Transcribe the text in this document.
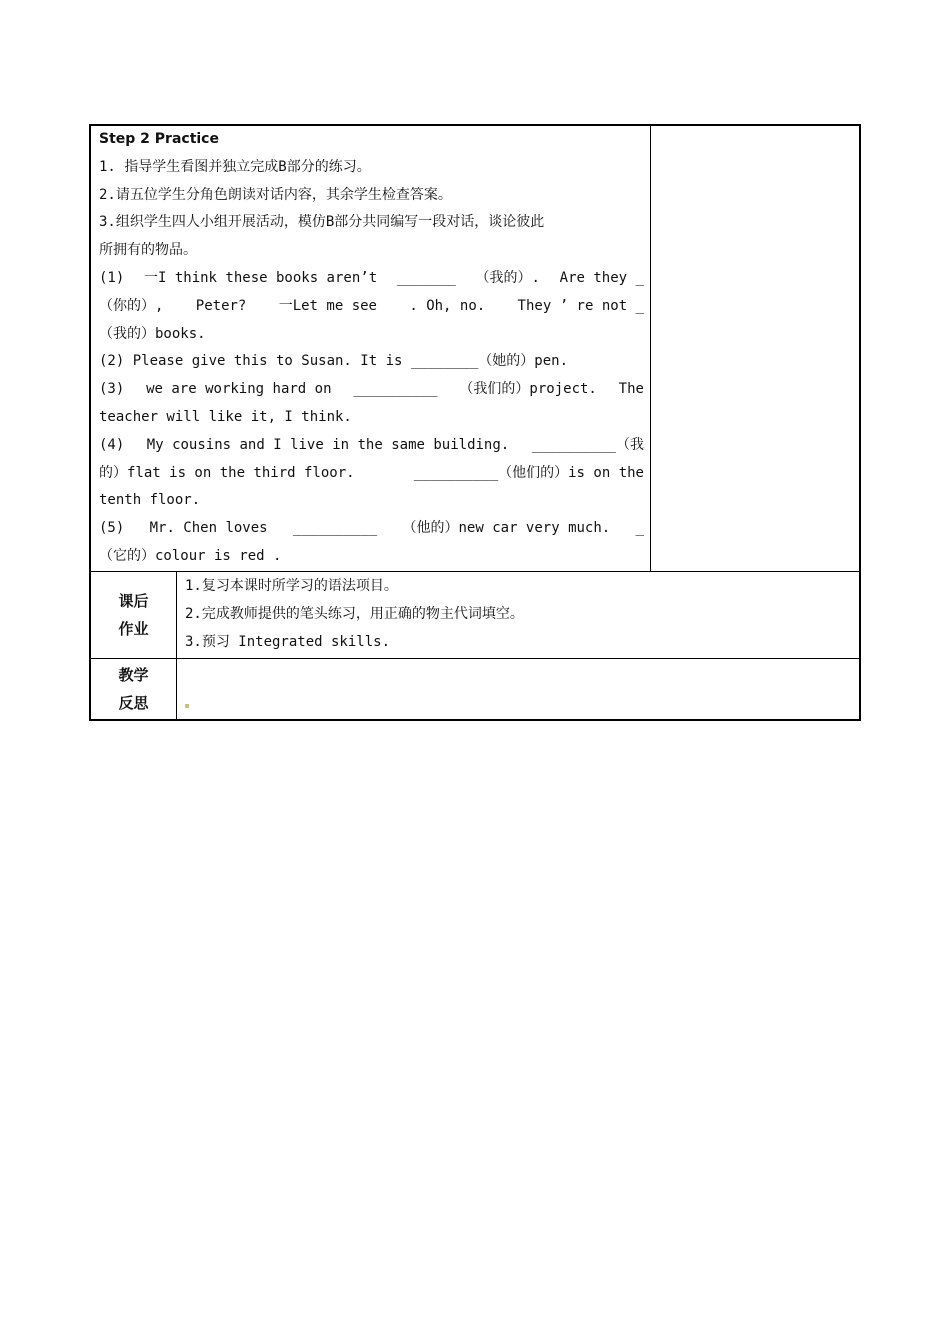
Step 2 Practice
1. 指导学生看图并独立完成B部分的练习。
2.请五位学生分角色朗读对话内容，其余学生检查答案。
3.组织学生四人小组开展活动，模仿B部分共同编写一段对话，谈论彼此
所拥有的物品。
(1) 一I think these books aren’t _______ （我的）. Are they _
（你的）, Peter? 一Let me see . Oh, no. They ’ re not _
（我的）books.
(2) Please give this to Susan. It is ________（她的）pen.
(3) we are working hard on __________ （我们的）project. The
teacher will like it, I think.
(4) My cousins and I live in the same building. __________（我
的）flat is on the third floor.	__________（他们的）is on the
tenth floor.
(5) Mr. Chen loves __________ （他的）new car very much. _
（它的）colour is red .
课后
作业
1.复习本课时所学习的语法项目。
2.完成教师提供的笔头练习，用正确的物主代词填空。
3.预习 Integrated skills.
教学
反思
